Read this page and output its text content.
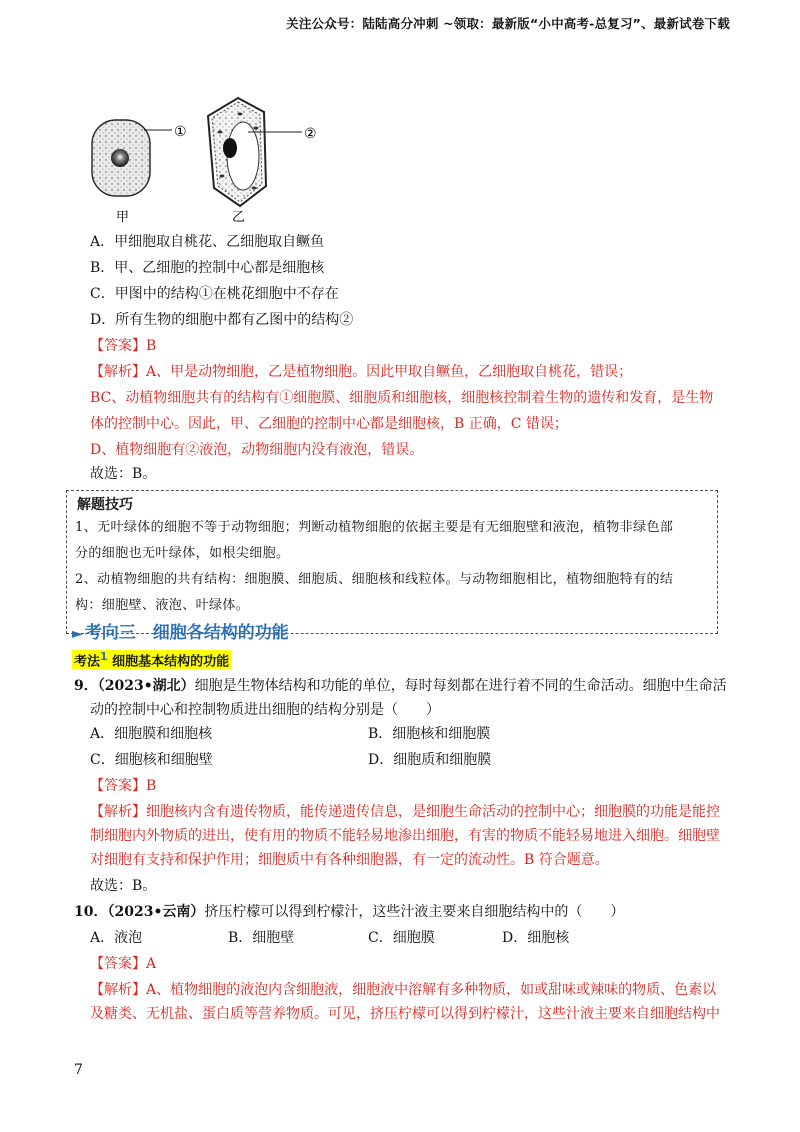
关注公众号：陆陆高分冲刺 ~领取：最新版“小中高考-总复习”、最新试卷下载
①	②
甲	乙
A．甲细胞取自桃花、乙细胞取自鳜鱼
B．甲、乙细胞的控制中心都是细胞核
C．甲图中的结构①在桃花细胞中不存在
D．所有生物的细胞中都有乙图中的结构②
【答案】B
【解析】A、甲是动物细胞，乙是植物细胞。因此甲取自鳜鱼，乙细胞取自桃花，错误；
BC、动植物细胞共有的结构有①细胞膜、细胞质和细胞核，细胞核控制着生物的遗传和发育，是生物
体的控制中心。因此，甲、乙细胞的控制中心都是细胞核，B 正确，C 错误；
D、植物细胞有②液泡，动物细胞内没有液泡，错误。
故选：B。
解题技巧
1、无叶绿体的细胞不等于动物细胞；判断动植物细胞的依据主要是有无细胞壁和液泡，植物非绿色部
分的细胞也无叶绿体，如根尖细胞。
2、动植物细胞的共有结构：细胞膜、细胞质、细胞核和线粒体。与动物细胞相比，植物细胞特有的结
构：细胞壁、液泡、叶绿体。
► 考向三　细胞各结构的功能
考法$^1$ 细胞基本结构的功能
9．（2023•湖北）细胞是生物体结构和功能的单位，每时每刻都在进行着不同的生命活动。细胞中生命活
动的控制中心和控制物质进出细胞的结构分别是（　　）
A．细胞膜和细胞核	B．细胞核和细胞膜
C．细胞核和细胞壁	D．细胞质和细胞膜
【答案】B
【解析】细胞核内含有遗传物质，能传递遗传信息，是细胞生命活动的控制中心；细胞膜的功能是能控
制细胞内外物质的进出，使有用的物质不能轻易地渗出细胞，有害的物质不能轻易地进入细胞。细胞壁
对细胞有支持和保护作用；细胞质中有各种细胞器，有一定的流动性。B 符合题意。
故选：B。
10．（2023•云南）挤压柠檬可以得到柠檬汁，这些汁液主要来自细胞结构中的（　　）
A．液泡	B．细胞壁	C．细胞膜	D．细胞核
【答案】A
【解析】A、植物细胞的液泡内含细胞液，细胞液中溶解有多种物质，如或甜味或辣味的物质、色素以
及糖类、无机盐、蛋白质等营养物质。可见，挤压柠檬可以得到柠檬汁，这些汁液主要来自细胞结构中
7
